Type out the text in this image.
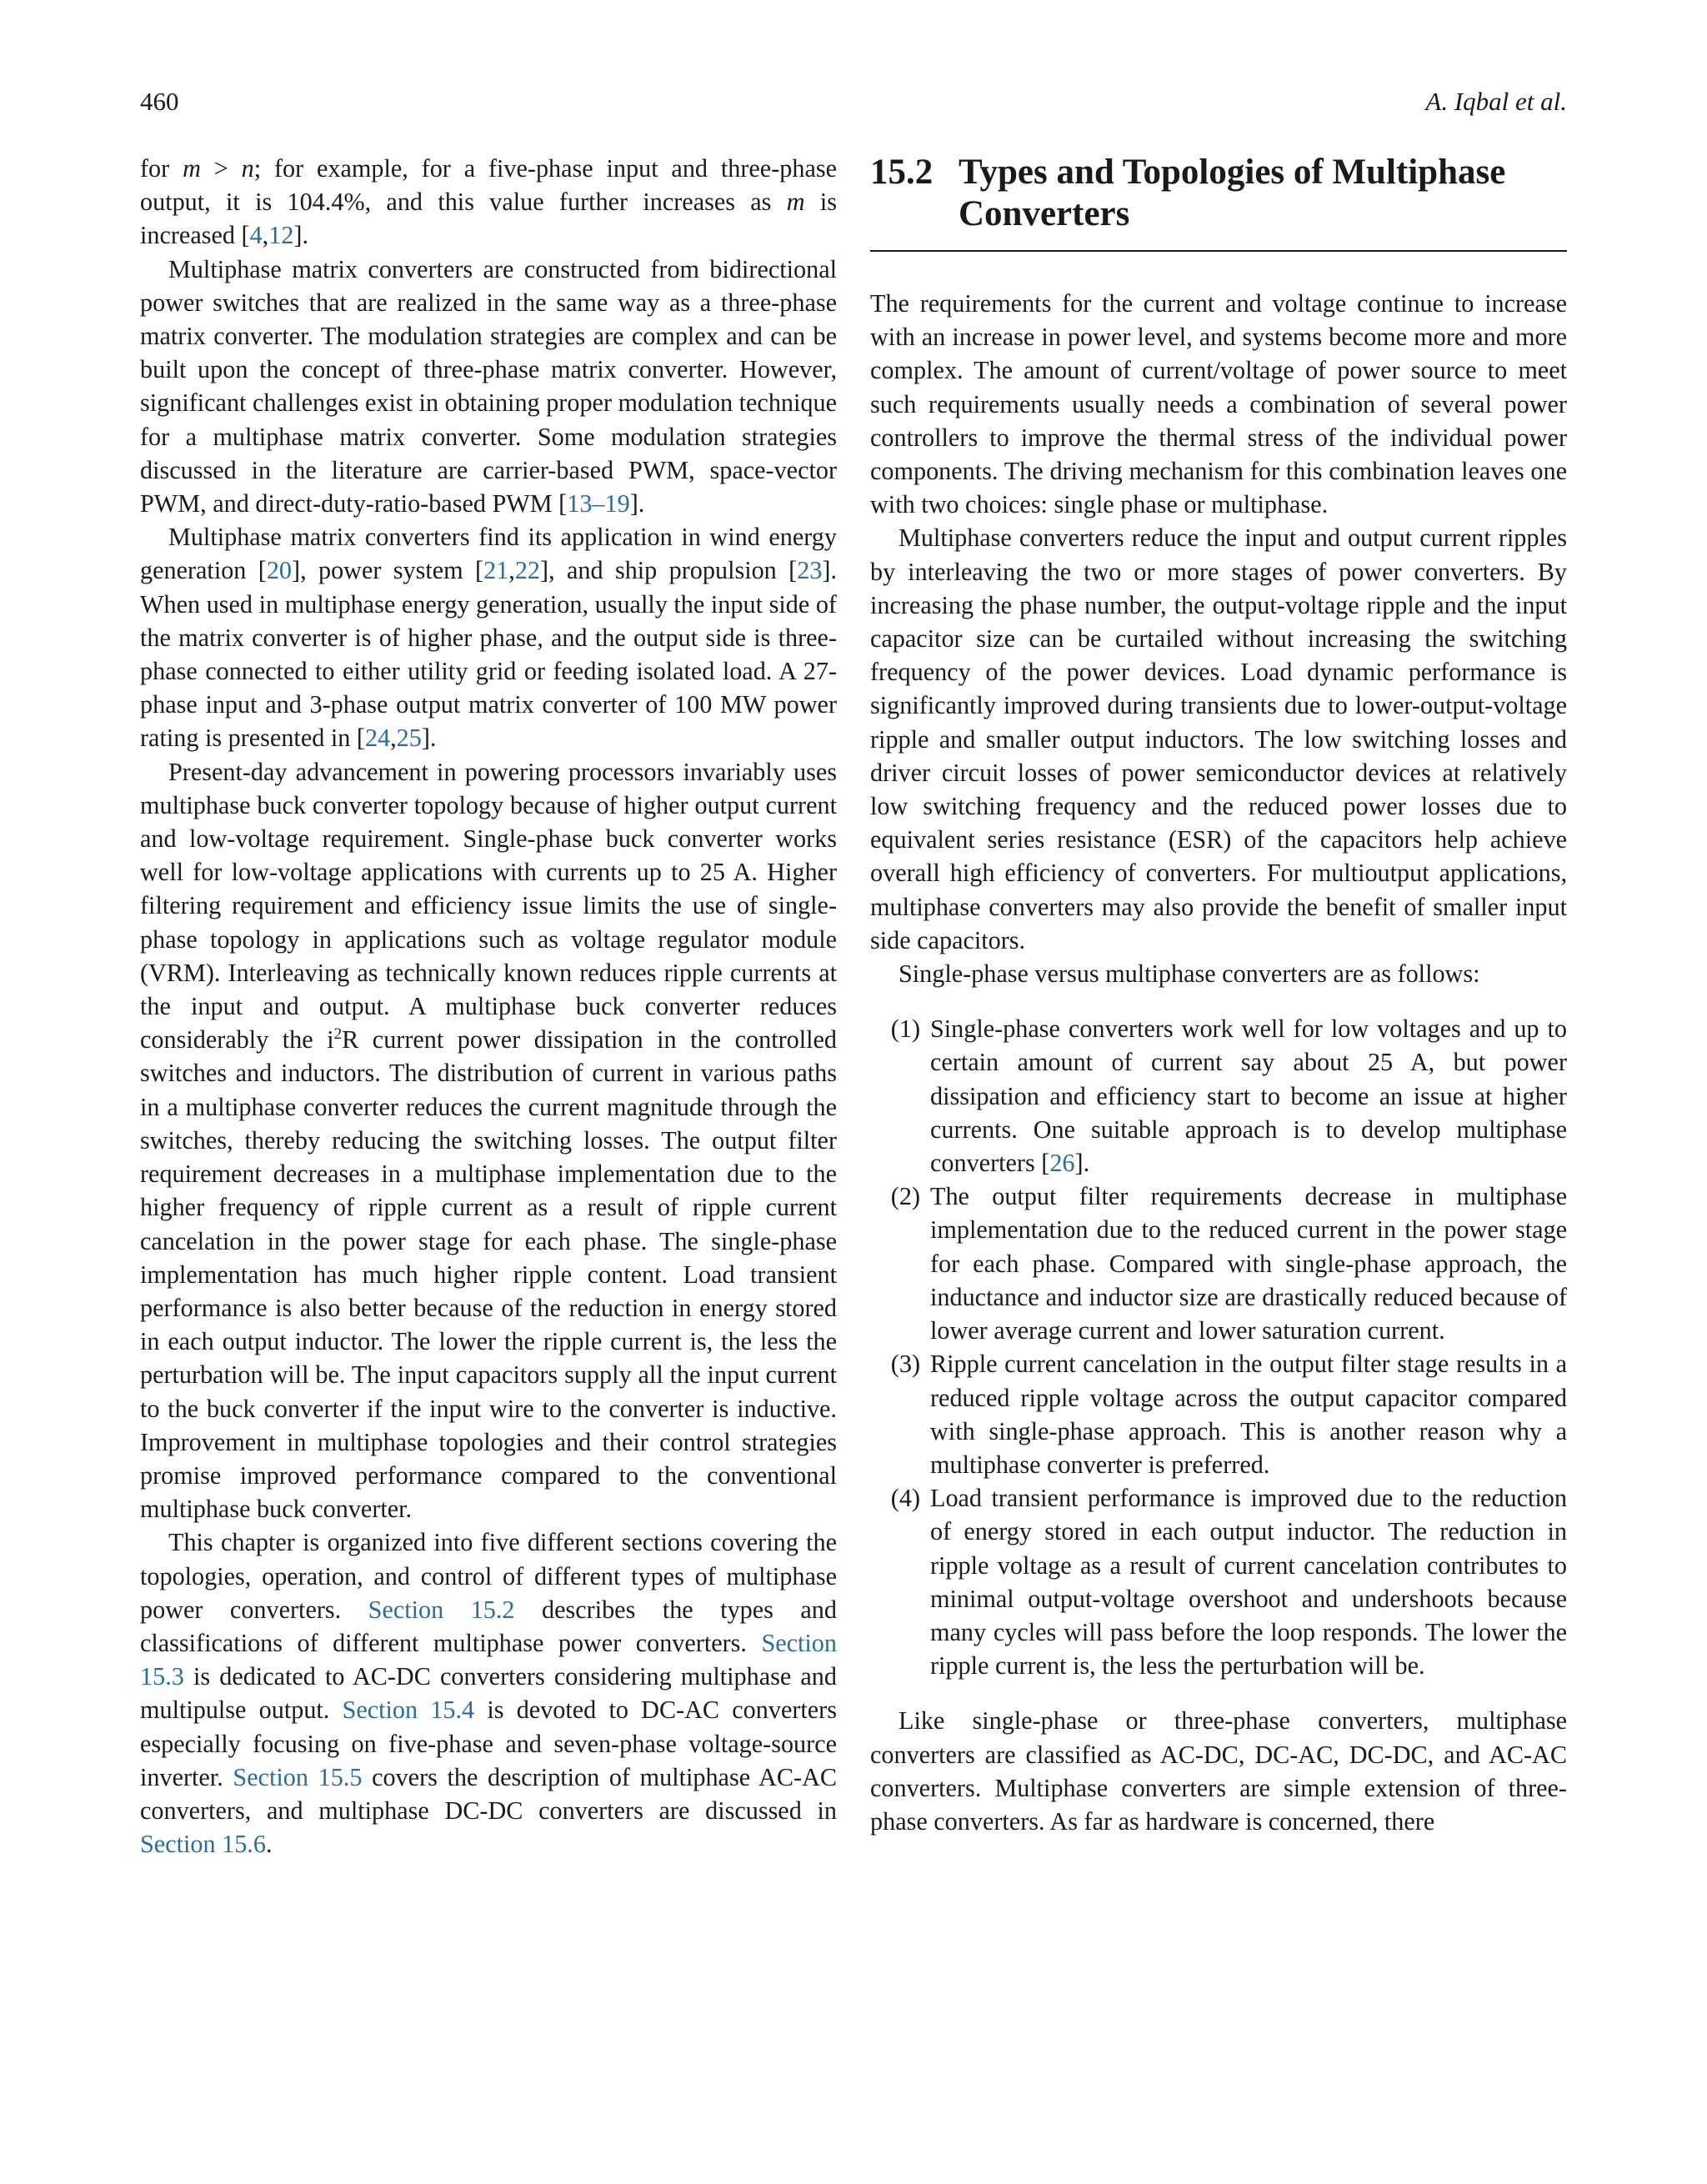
460	A. Iqbal et al.

for m > n; for example, for a five-phase input and three-phase output, it is 104.4%, and this value further increases as m is increased [4,12].

Multiphase matrix converters are constructed from bidirectional power switches that are realized in the same way as a three-phase matrix converter. The modulation strategies are complex and can be built upon the concept of three-phase matrix converter. However, significant challenges exist in obtaining proper modulation technique for a multiphase matrix converter. Some modulation strategies discussed in the literature are carrier-based PWM, space-vector PWM, and direct-duty-ratio-based PWM [13–19].

Multiphase matrix converters find its application in wind energy generation [20], power system [21,22], and ship propulsion [23]. When used in multiphase energy generation, usually the input side of the matrix converter is of higher phase, and the output side is three-phase connected to either utility grid or feeding isolated load. A 27-phase input and 3-phase output matrix converter of 100 MW power rating is presented in [24,25].

Present-day advancement in powering processors invariably uses multiphase buck converter topology because of higher output current and low-voltage requirement. Single-phase buck converter works well for low-voltage applications with currents up to 25 A. Higher filtering requirement and efficiency issue limits the use of single-phase topology in applications such as voltage regulator module (VRM). Interleaving as technically known reduces ripple currents at the input and output. A multiphase buck converter reduces considerably the $i^2R$ current power dissipation in the controlled switches and inductors. The distribution of current in various paths in a multiphase converter reduces the current magnitude through the switches, thereby reducing the switching losses. The output filter requirement decreases in a multiphase implementation due to the higher frequency of ripple current as a result of ripple current cancelation in the power stage for each phase. The single-phase implementation has much higher ripple content. Load transient performance is also better because of the reduction in energy stored in each output inductor. The lower the ripple current is, the less the perturbation will be. The input capacitors supply all the input current to the buck converter if the input wire to the converter is inductive. Improvement in multiphase topologies and their control strategies promise improved performance compared to the conventional multiphase buck converter.

This chapter is organized into five different sections covering the topologies, operation, and control of different types of multiphase power converters. Section 15.2 describes the types and classifications of different multiphase power converters. Section 15.3 is dedicated to AC-DC converters considering multiphase and multipulse output. Section 15.4 is devoted to DC-AC converters especially focusing on five-phase and seven-phase voltage-source inverter. Section 15.5 covers the description of multiphase AC-AC converters, and multiphase DC-DC converters are discussed in Section 15.6.

15.2 Types and Topologies of Multiphase Converters

The requirements for the current and voltage continue to increase with an increase in power level, and systems become more and more complex. The amount of current/voltage of power source to meet such requirements usually needs a combination of several power controllers to improve the thermal stress of the individual power components. The driving mechanism for this combination leaves one with two choices: single phase or multiphase.

Multiphase converters reduce the input and output current ripples by interleaving the two or more stages of power converters. By increasing the phase number, the output-voltage ripple and the input capacitor size can be curtailed without increasing the switching frequency of the power devices. Load dynamic performance is significantly improved during transients due to lower-output-voltage ripple and smaller output inductors. The low switching losses and driver circuit losses of power semiconductor devices at relatively low switching frequency and the reduced power losses due to equivalent series resistance (ESR) of the capacitors help achieve overall high efficiency of converters. For multioutput applications, multiphase converters may also provide the benefit of smaller input side capacitors.

Single-phase versus multiphase converters are as follows:

(1) Single-phase converters work well for low voltages and up to certain amount of current say about 25 A, but power dissipation and efficiency start to become an issue at higher currents. One suitable approach is to develop multiphase converters [26].
(2) The output filter requirements decrease in multiphase implementation due to the reduced current in the power stage for each phase. Compared with single-phase approach, the inductance and inductor size are drastically reduced because of lower average current and lower saturation current.
(3) Ripple current cancelation in the output filter stage results in a reduced ripple voltage across the output capacitor compared with single-phase approach. This is another reason why a multiphase converter is preferred.
(4) Load transient performance is improved due to the reduction of energy stored in each output inductor. The reduction in ripple voltage as a result of current cancelation contributes to minimal output-voltage overshoot and undershoots because many cycles will pass before the loop responds. The lower the ripple current is, the less the perturbation will be.

Like single-phase or three-phase converters, multiphase converters are classified as AC-DC, DC-AC, DC-DC, and AC-AC converters. Multiphase converters are simple extension of three-phase converters. As far as hardware is concerned, there
